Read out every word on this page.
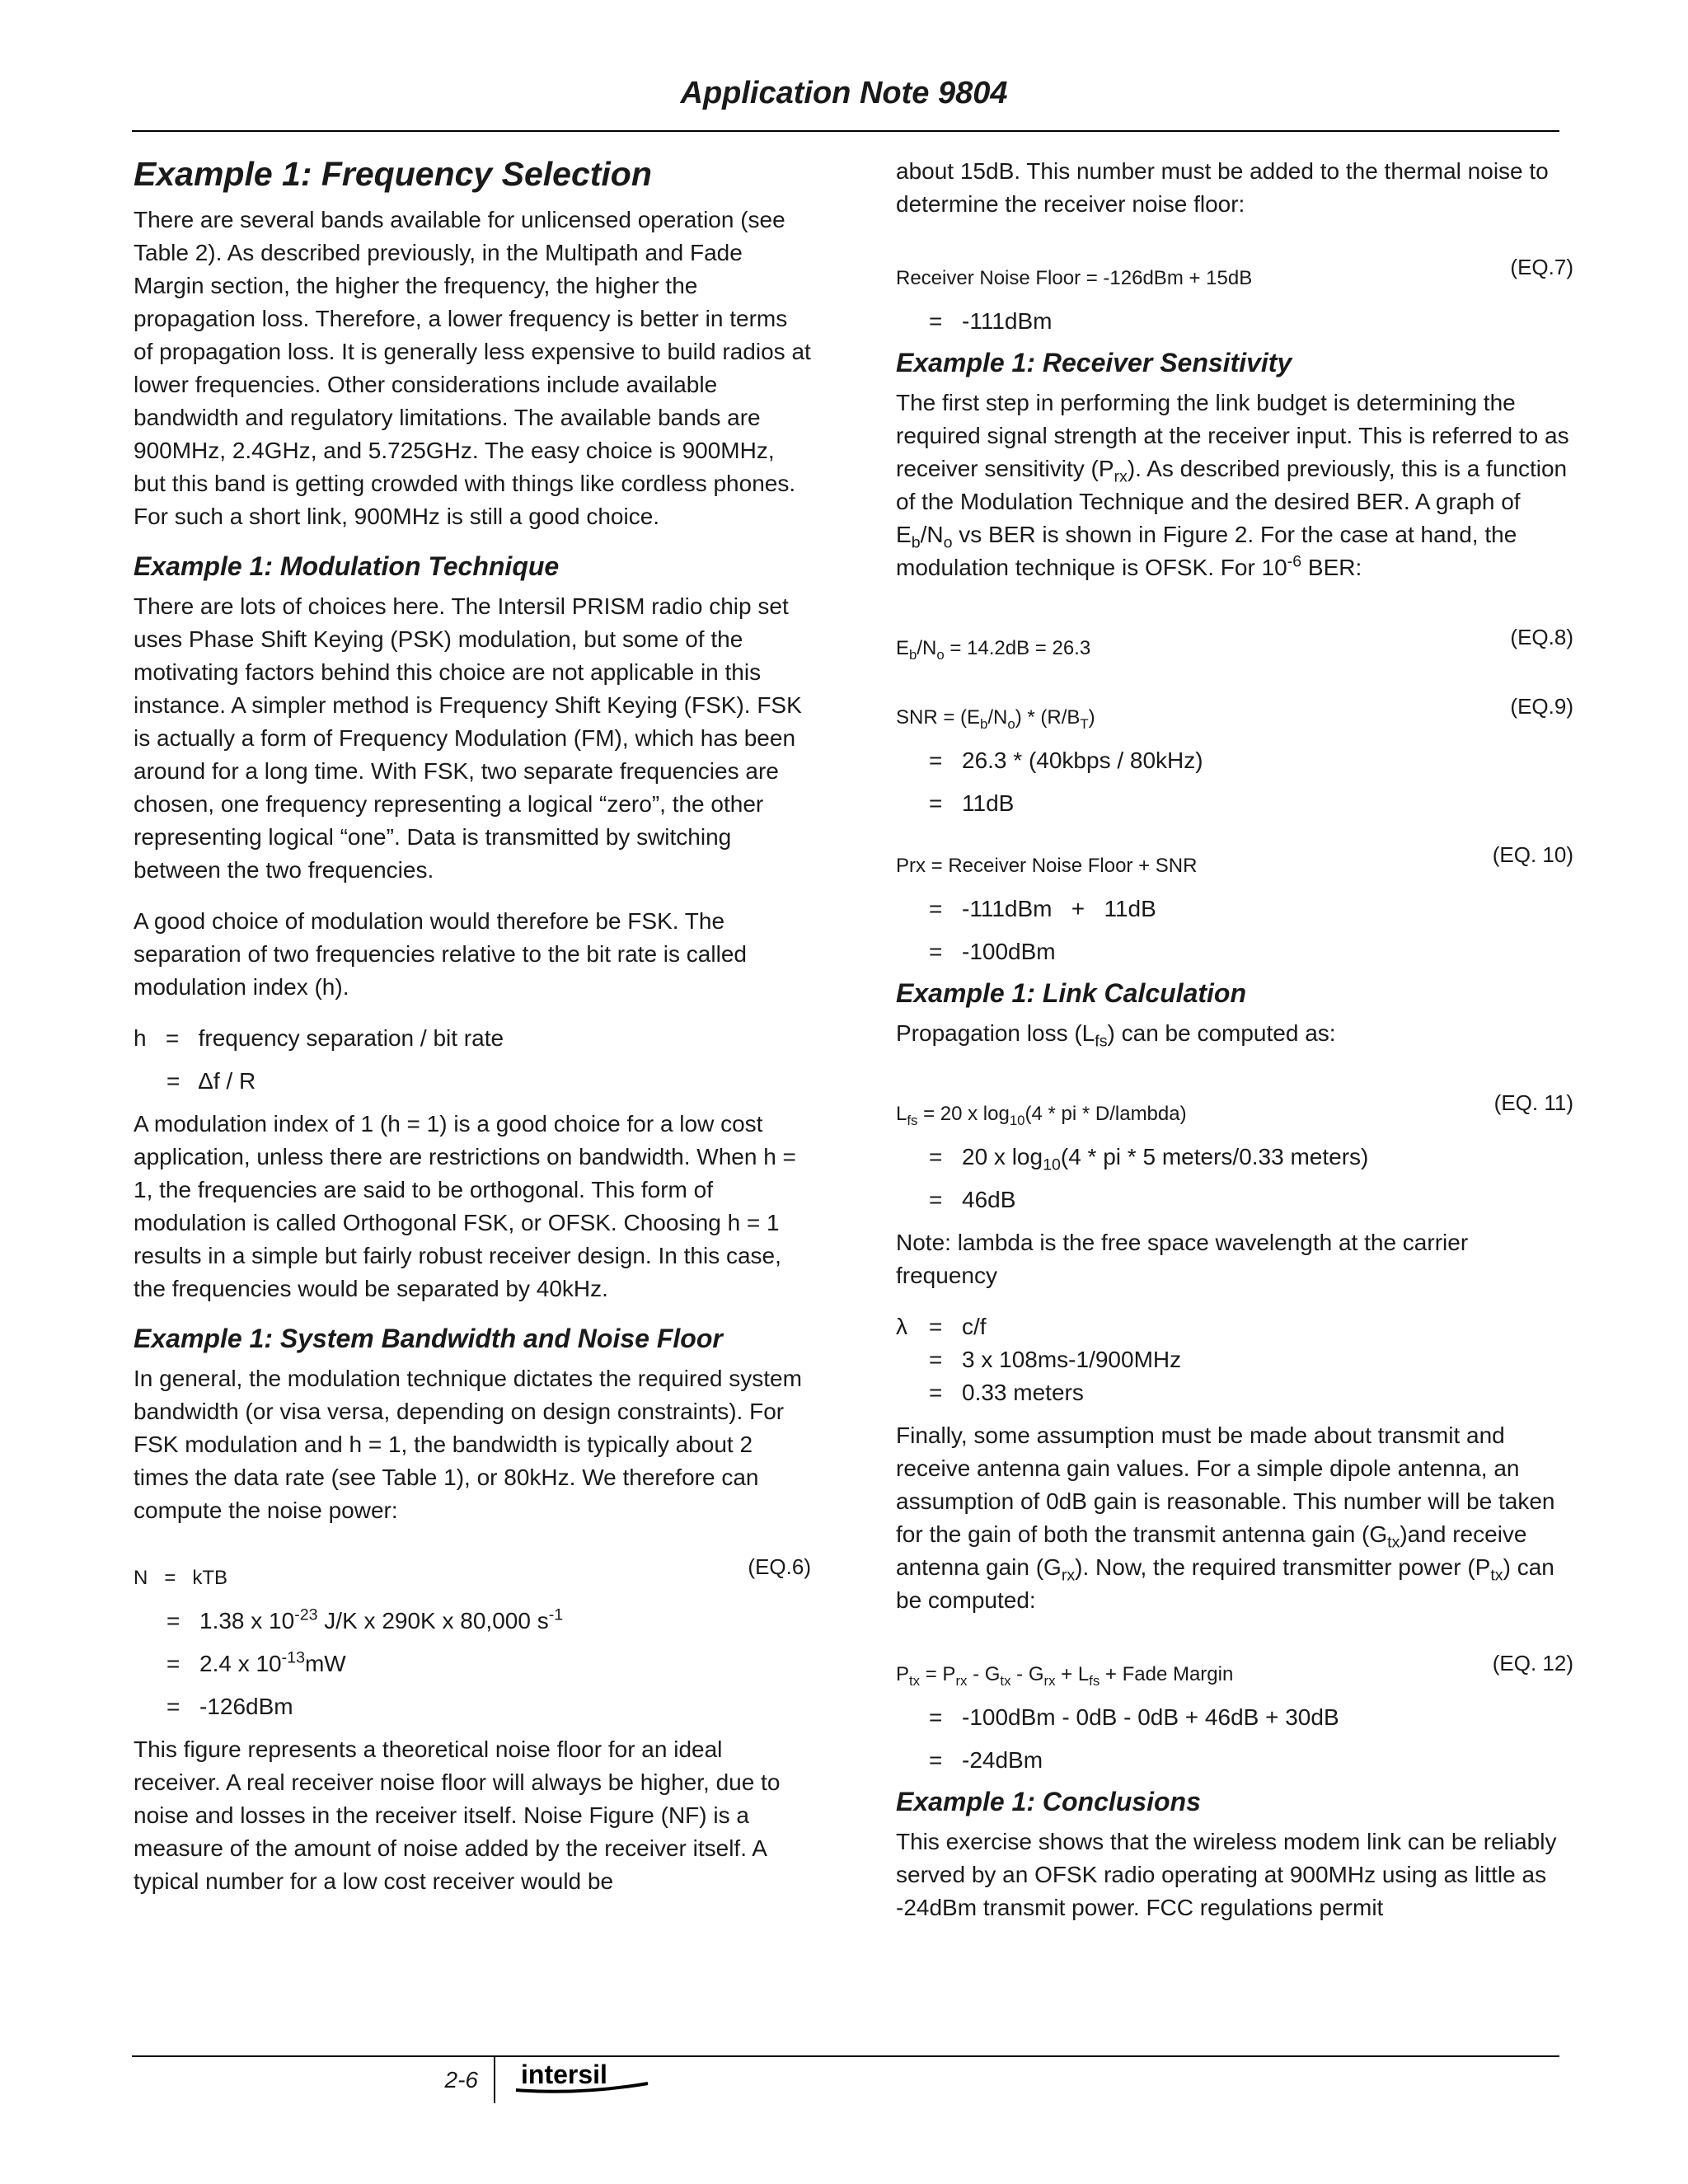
Application Note 9804
Example 1: Frequency Selection

There are several bands available for unlicensed operation (see Table 2). As described previously, in the Multipath and Fade Margin section, the higher the frequency, the higher the propagation loss. Therefore, a lower frequency is better in terms of propagation loss. It is generally less expensive to build radios at lower frequencies. Other considerations include available bandwidth and regulatory limitations. The available bands are 900MHz, 2.4GHz, and 5.725GHz. The easy choice is 900MHz, but this band is getting crowded with things like cordless phones. For such a short link, 900MHz is still a good choice.

Example 1: Modulation Technique

There are lots of choices here. The Intersil PRISM radio chip set uses Phase Shift Keying (PSK) modulation, but some of the motivating factors behind this choice are not applicable in this instance. A simpler method is Frequency Shift Keying (FSK). FSK is actually a form of Frequency Modulation (FM), which has been around for a long time. With FSK, two separate frequencies are chosen, one frequency representing a logical “zero”, the other representing logical “one”. Data is transmitted by switching between the two frequencies.

A good choice of modulation would therefore be FSK. The separation of two frequencies relative to the bit rate is called modulation index (h).

h   =   frequency separation / bit rate
=   Δf / R

A modulation index of 1 (h = 1) is a good choice for a low cost application, unless there are restrictions on bandwidth. When h = 1, the frequencies are said to be orthogonal. This form of modulation is called Orthogonal FSK, or OFSK. Choosing h = 1 results in a simple but fairly robust receiver design. In this case, the frequencies would be separated by 40kHz.

Example 1: System Bandwidth and Noise Floor

In general, the modulation technique dictates the required system bandwidth (or visa versa, depending on design constraints). For FSK modulation and h = 1, the bandwidth is typically about 2 times the data rate (see Table 1), or 80kHz. We therefore can compute the noise power:

N   =   kTB	(EQ.6)
= 1.38 x $10^{-23}$ J/K x 290K x 80,000 $s^{-1}$
= 2.4 x $10^{-13}mW$
= -126dBm

This figure represents a theoretical noise floor for an ideal receiver. A real receiver noise floor will always be higher, due to noise and losses in the receiver itself. Noise Figure (NF) is a measure of the amount of noise added by the receiver itself. A typical number for a low cost receiver would be

about 15dB. This number must be added to the thermal noise to determine the receiver noise floor:

Receiver Noise Floor = -126dBm + 15dB	(EQ.7)
= -111dBm
Example 1: Receiver Sensitivity

The first step in performing the link budget is determining the required signal strength at the receiver input. This is referred to as receiver sensitivity $(P_{rx})$. As described previously, this is a function of the Modulation Technique and the desired BER. A graph of $E_b/N_o$ vs BER is shown in Figure 2. For the case at hand, the modulation technique is OFSK. For $10^{-6}$ BER:

$E_b/N_o = 14.2dB = 26.3$	(EQ.8)
SNR = $(E_b/N_o) * (R/B_T)$	(EQ.9)
= 26.3 * (40kbps / 80kHz)
= 11dB
Prx = Receiver Noise Floor + SNR	(EQ. 10)
= -111dBm   +   11dB
= -100dBm
Example 1: Link Calculation

Propagation loss $(L_{fs})$ can be computed as:

$L_{fs} = 20$ x $\log_{10}(4$ * pi * D/lambda)	(EQ. 11)
= 20 x $\log_{10}(4$ * pi * 5 meters/0.33 meters)
= 46dB

Note: lambda is the free space wavelength at the carrier frequency

λ = c/f
= 3 x 108ms-1/900MHz
= 0.33 meters

Finally, some assumption must be made about transmit and receive antenna gain values. For a simple dipole antenna, an assumption of 0dB gain is reasonable. This number will be taken for the gain of both the transmit antenna gain $(G_{tx})and$ receive antenna gain $(G_{rx})$. Now, the required transmitter power $(P_{tx})$ can be computed:

$P_{tx} = P_{rx} - G_{tx} - G_{rx} + L_{fs}$ + Fade Margin	(EQ. 12)
= -100dBm - 0dB - 0dB + 46dB + 30dB
= -24dBm
Example 1: Conclusions

This exercise shows that the wireless modem link can be reliably served by an OFSK radio operating at 900MHz using as little as -24dBm transmit power. FCC regulations permit

2-6 intersil
